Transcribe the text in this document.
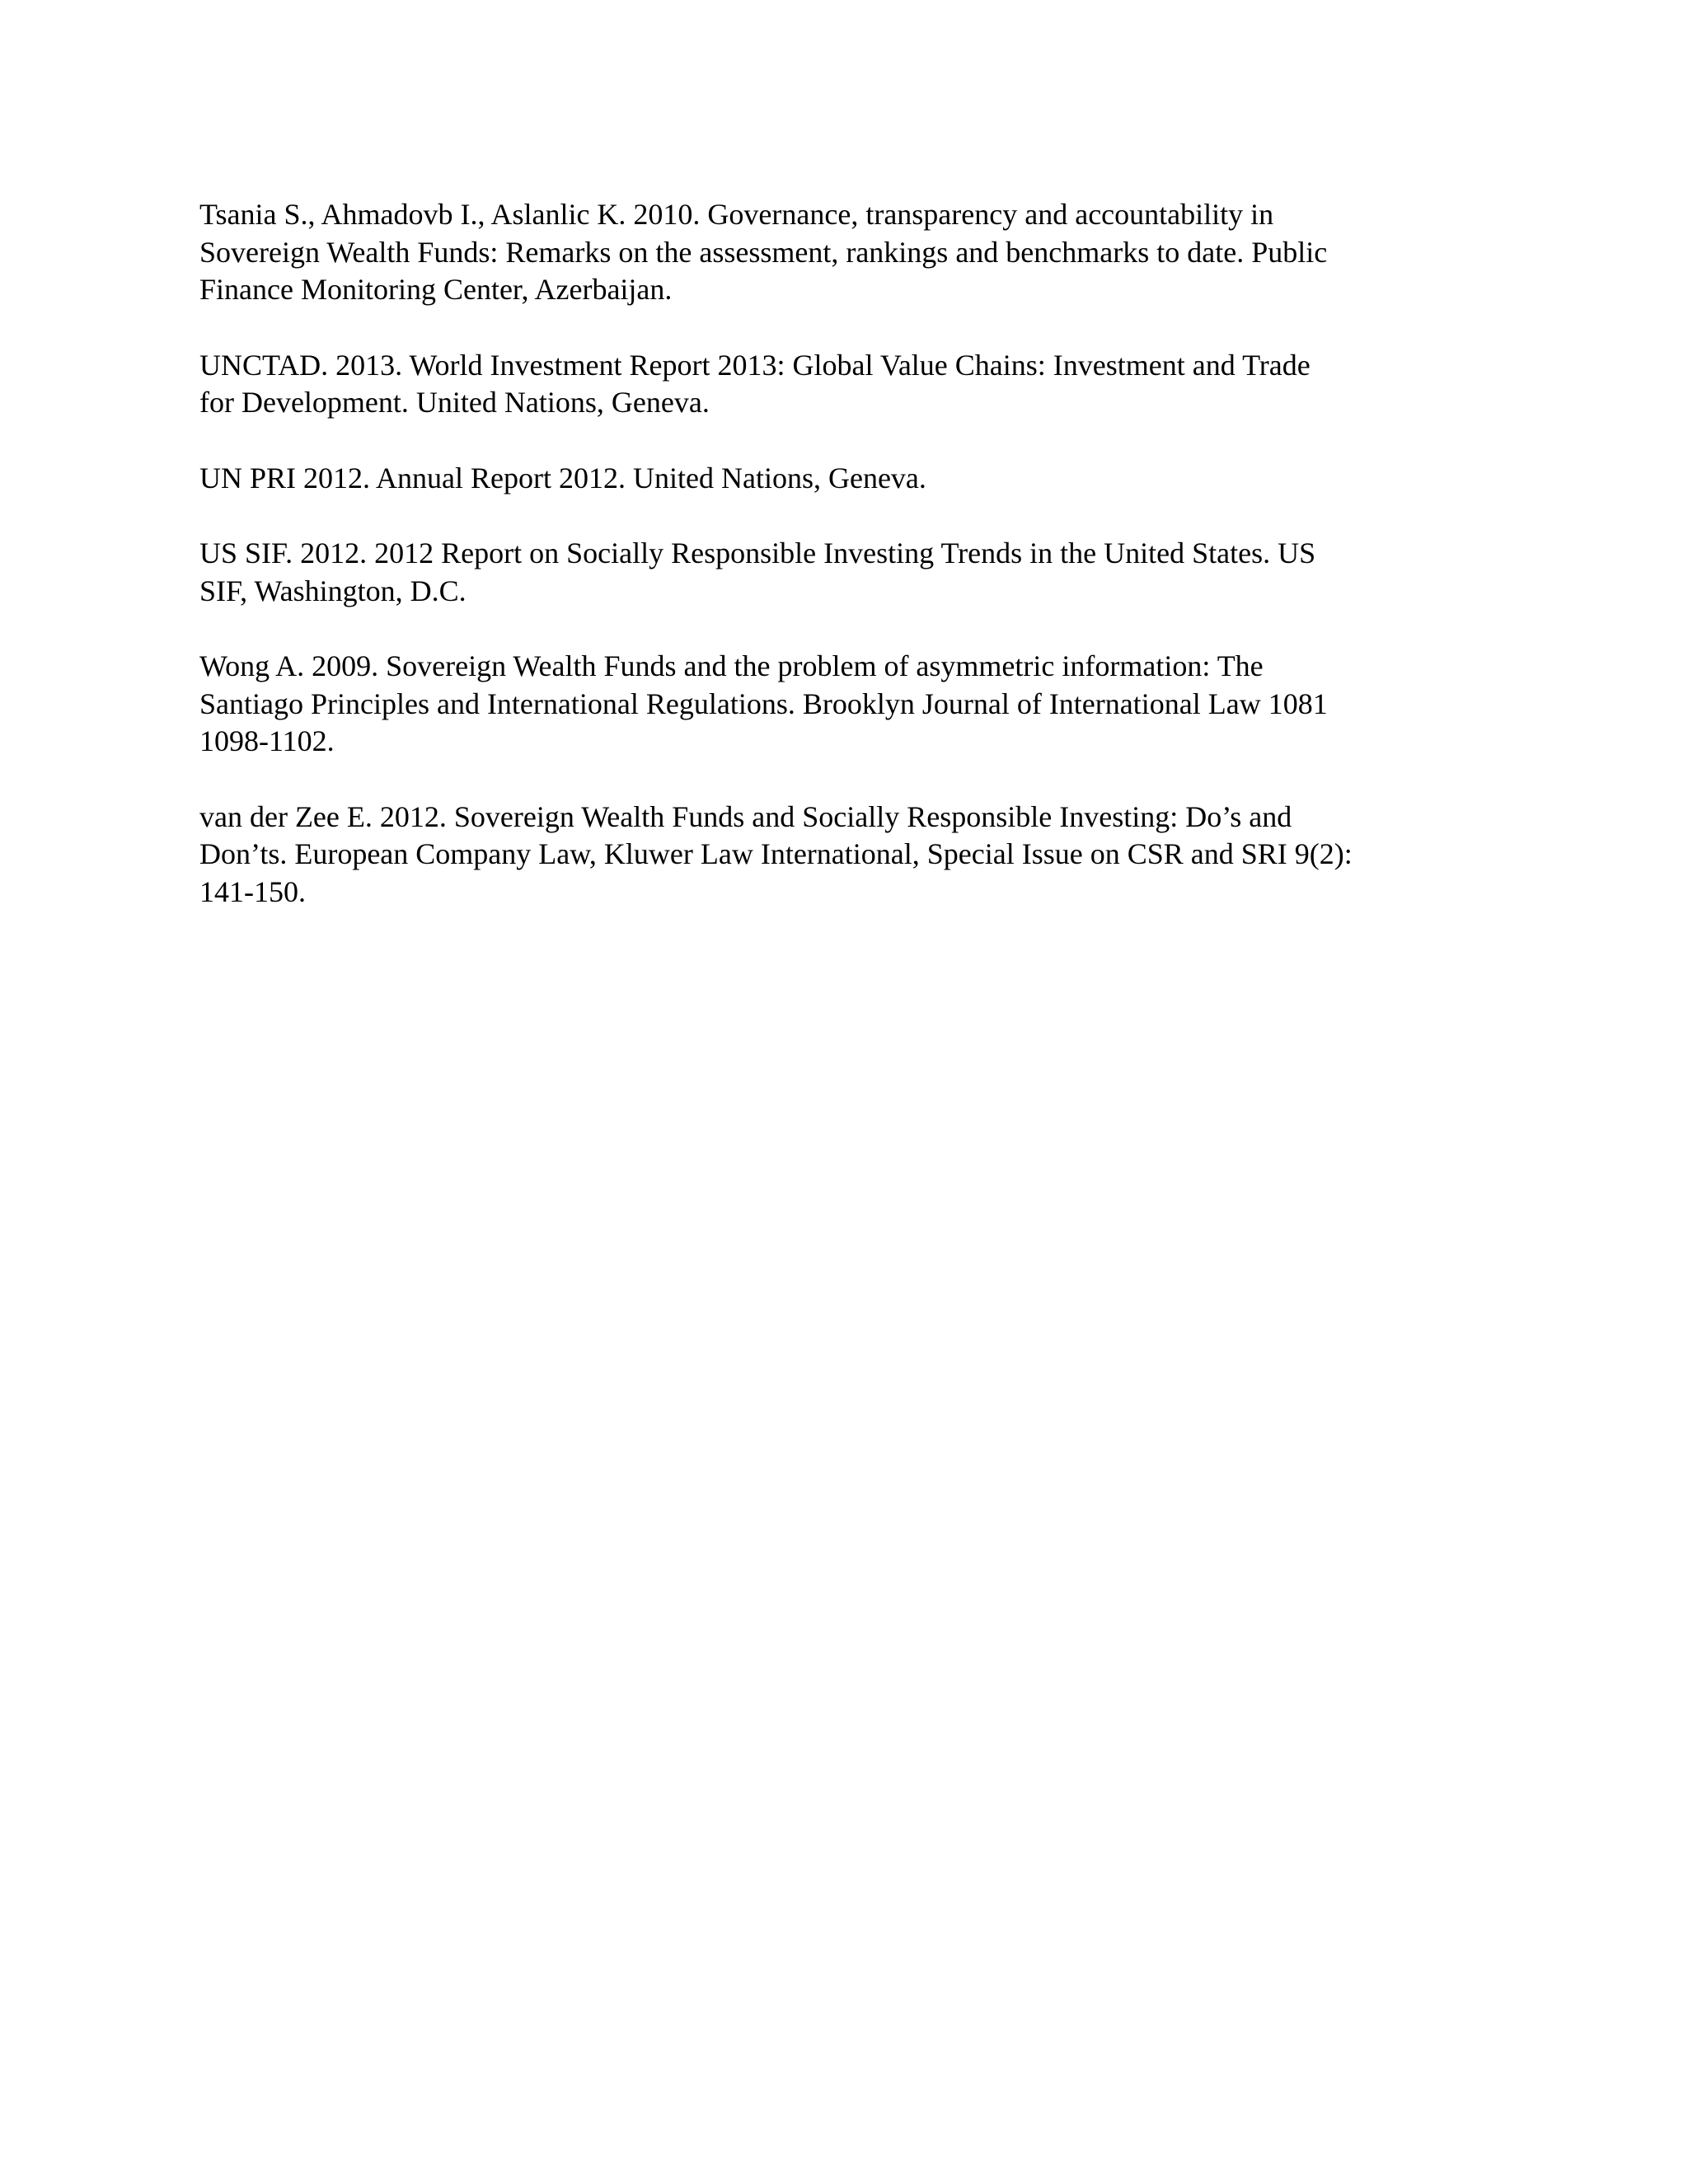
Tsania S., Ahmadovb I., Aslanlic K. 2010. Governance, transparency and accountability in
Sovereign Wealth Funds: Remarks on the assessment, rankings and benchmarks to date. Public
Finance Monitoring Center, Azerbaijan.
UNCTAD. 2013. World Investment Report 2013: Global Value Chains: Investment and Trade
for Development. United Nations, Geneva.
UN PRI 2012. Annual Report 2012. United Nations, Geneva.
US SIF. 2012. 2012 Report on Socially Responsible Investing Trends in the United States. US
SIF, Washington, D.C.
Wong A. 2009. Sovereign Wealth Funds and the problem of asymmetric information: The
Santiago Principles and International Regulations. Brooklyn Journal of International Law 1081
1098-1102.
van der Zee E. 2012. Sovereign Wealth Funds and Socially Responsible Investing: Do’s and
Don’ts. European Company Law, Kluwer Law International, Special Issue on CSR and SRI 9(2):
141-150.
